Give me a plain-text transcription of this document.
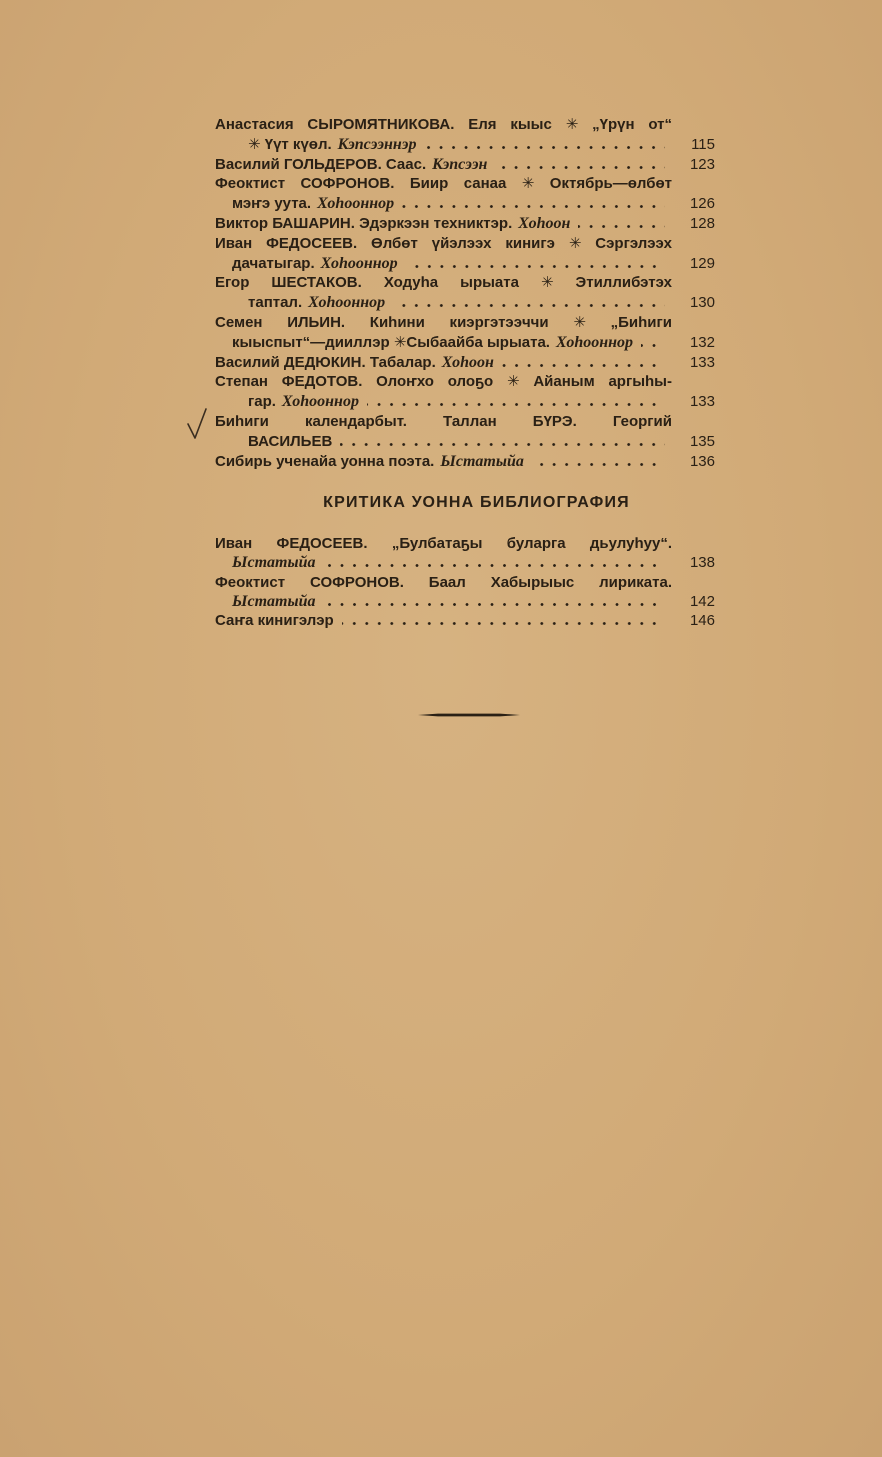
Анастасия СЫРОМЯТНИКОВА. Еля кыыс ✳ „Үрүн от“
✳ Үүт күөл. Кэпсээннэр	115
Василий ГОЛЬДЕРОВ. Саас. Кэпсээн	123
Феоктист СОФРОНОВ. Биир санаа ✳ Октябрь—өлбөт
мэҥэ уута. Хоһооннор	126
Виктор БАШАРИН. Эдэркээн техниктэр. Хоһоон	128
Иван ФЕДОСЕЕВ. Өлбөт үйэлээх кинигэ ✳ Сэргэлээх
дачатыгар. Хоһооннор	129
Егор ШЕСТАКОВ. Ходуһа ырыата ✳ Этиллибэтэх
таптал. Хоһооннор	130
Семен ИЛЬИН. Киһини киэргэтээччи ✳ „Биһиги
кыыспыт“—дииллэр ✳Сыбаайба ырыата. Хоһооннор	132
Василий ДЕДЮКИН. Табалар. Хоһоон	133
Степан ФЕДОТОВ. Олоҥхо олоҕо ✳ Айаным аргыһы-
гар. Хоһооннор	133
Биһиги календарбыт. Таллан БҮРЭ. Георгий
ВАСИЛЬЕВ	135
Сибирь ученайа уонна поэта. Ыстатыйа	136
КРИТИКА УОННА БИБЛИОГРАФИЯ
Иван ФЕДОСЕЕВ. „Булбатаҕы буларга дьулуһуу“.
Ыстатыйа	138
Феоктист СОФРОНОВ. Баал Хабырыыс лириката.
Ыстатыйа	142
Саҥа кинигэлэр	146
